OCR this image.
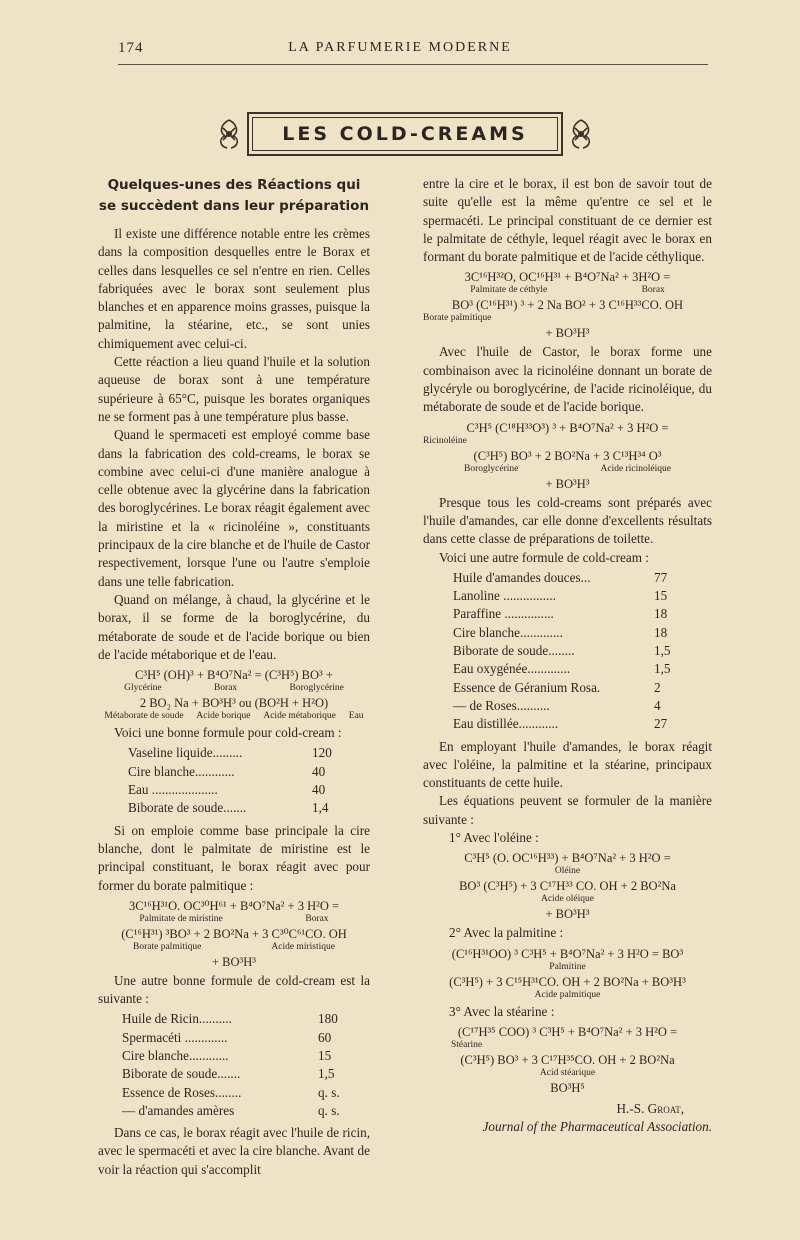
174	LA PARFUMERIE MODERNE
LES COLD-CREAMS
Quelques-unes des Réactions qui se succèdent dans leur préparation

Il existe une différence notable entre les crèmes dans la composition desquelles entre le Borax et celles dans lesquelles ce sel n'entre en rien. Celles fabriquées avec le borax sont seulement plus blanches et en apparence moins grasses, puisque la palmitine, la stéarine, etc., se sont unies chimiquement avec celui-ci.

Cette réaction a lieu quand l'huile et la solution aqueuse de borax sont à une température supérieure à 65°C, puisque les borates organiques ne se forment pas à une température plus basse.

Quand le spermaceti est employé comme base dans la fabrication des cold-creams, le borax se combine avec celui-ci d'une manière analogue à celle obtenue avec la glycérine dans la fabrication des boroglycérines. Le borax réagit également avec la miristine et la « ricinoléine », constituants principaux de la cire blanche et de l'huile de Castor respectivement, lorsque l'une ou l'autre s'emploie dans une telle fabrication.

Quand on mélange, à chaud, la glycérine et le borax, il se forme de la boroglycérine, du métaborate de soude et de l'acide borique ou bien de l'acide métaborique et de l'eau.

C³H⁵ (OH)³ + B⁴O⁷Na² = (C³H⁵) BO³ +
Glycérine	Borax	Boroglycérine
2 BO₂ Na + BO³H³ ou (BO²H + H²O)
Métaborate de soude Acide borique Acide métaborique Eau

Voici une bonne formule pour cold-cream :

Vaseline liquide.........	120
Cire blanche............	40
Eau ....................	40
Biborate de soude.......	1,4

Si on emploie comme base principale la cire blanche, dont le palmitate de miristine est le principal constituant, le borax réagit avec pour former du borate palmitique :

3C¹⁶H³¹O. OC³⁰H⁶¹ + B⁴O⁷Na² + 3 H²O =
Palmitate de miristine	Borax
(C¹⁶H³¹) ³BO³ + 2 BO²Na + 3 C³⁰C⁶¹CO. OH
Borate palmitique	Acide miristique
+ BO³H³

Une autre bonne formule de cold-cream est la suivante :

Huile de Ricin..........	180
Spermacéti .............	60
Cire blanche............	15
Biborate de soude.......	1,5
Essence de Roses........	q. s.
— d'amandes amères	q. s.

Dans ce cas, le borax réagit avec l'huile de ricin, avec le spermacéti et avec la cire blanche. Avant de voir la réaction qui s'accomplit

entre la cire et le borax, il est bon de savoir tout de suite qu'elle est la même qu'entre ce sel et le spermacéti. Le principal constituant de ce dernier est le palmitate de céthyle, lequel réagit avec le borax en formant du borate palmitique et de l'acide céthylique.

3C¹⁶H³²O, OC¹⁶H³¹ + B⁴O⁷Na² + 3H²O =
Palmitate de céthyle	Borax
BO³ (C¹⁶H³¹) ³ + 2 Na BO² + 3 C¹⁶H³³CO. OH
Borate palmitique
+ BO³H³

Avec l'huile de Castor, le borax forme une combinaison avec la ricinoléine donnant un borate de glycéryle ou boroglycérine, de l'acide ricinoléique, du métaborate de soude et de l'acide borique.

C³H⁵ (C¹⁸H³³O³) ³ + B⁴O⁷Na² + 3 H²O =
Ricinoléine
(C³H⁵) BO³ + 2 BO²Na + 3 C¹³H³⁴ O³
Boroglycérine	Acide ricinoléique
+ BO³H³

Presque tous les cold-creams sont préparés avec l'huile d'amandes, car elle donne d'excellents résultats dans cette classe de préparations de toilette.

Voici une autre formule de cold-cream :

Huile d'amandes douces...	77
Lanoline ................	15
Paraffine ...............	18
Cire blanche.............	18
Biborate de soude........	1,5
Eau oxygénée.............	1,5
Essence de Géranium Rosa.	2
— de Roses..........	4
Eau distillée............	27

En employant l'huile d'amandes, le borax réagit avec l'oléine, la palmitine et la stéarine, principaux constituants de cette huile.

Les équations peuvent se formuler de la manière suivante :

1° Avec l'oléine :

C³H⁵ (O. OC¹⁶H³³) + B⁴O⁷Na² + 3 H²O =
Oléine
BO³ (C³H⁵) + 3 C¹⁷H³³ CO. OH + 2 BO²Na
Acide oléique
+ BO³H³

2° Avec la palmitine :

(C¹⁶H³¹OO) ³ C³H⁵ + B⁴O⁷Na² + 3 H²O = BO³
Palmitine
(C³H⁵) + 3 C¹⁵H³¹CO. OH + 2 BO²Na + BO³H³
Acide palmitique

3° Avec la stéarine :

(C¹⁷H³⁵ COO) ³ C³H⁵ + B⁴O⁷Na² + 3 H²O =
Stéarine
(C³H⁵) BO³ + 3 C¹⁷H³⁵CO. OH + 2 BO²Na
Acid stéarique
BO³H⁵
H.-S. Groat,
Journal of the Pharmaceutical Association.
